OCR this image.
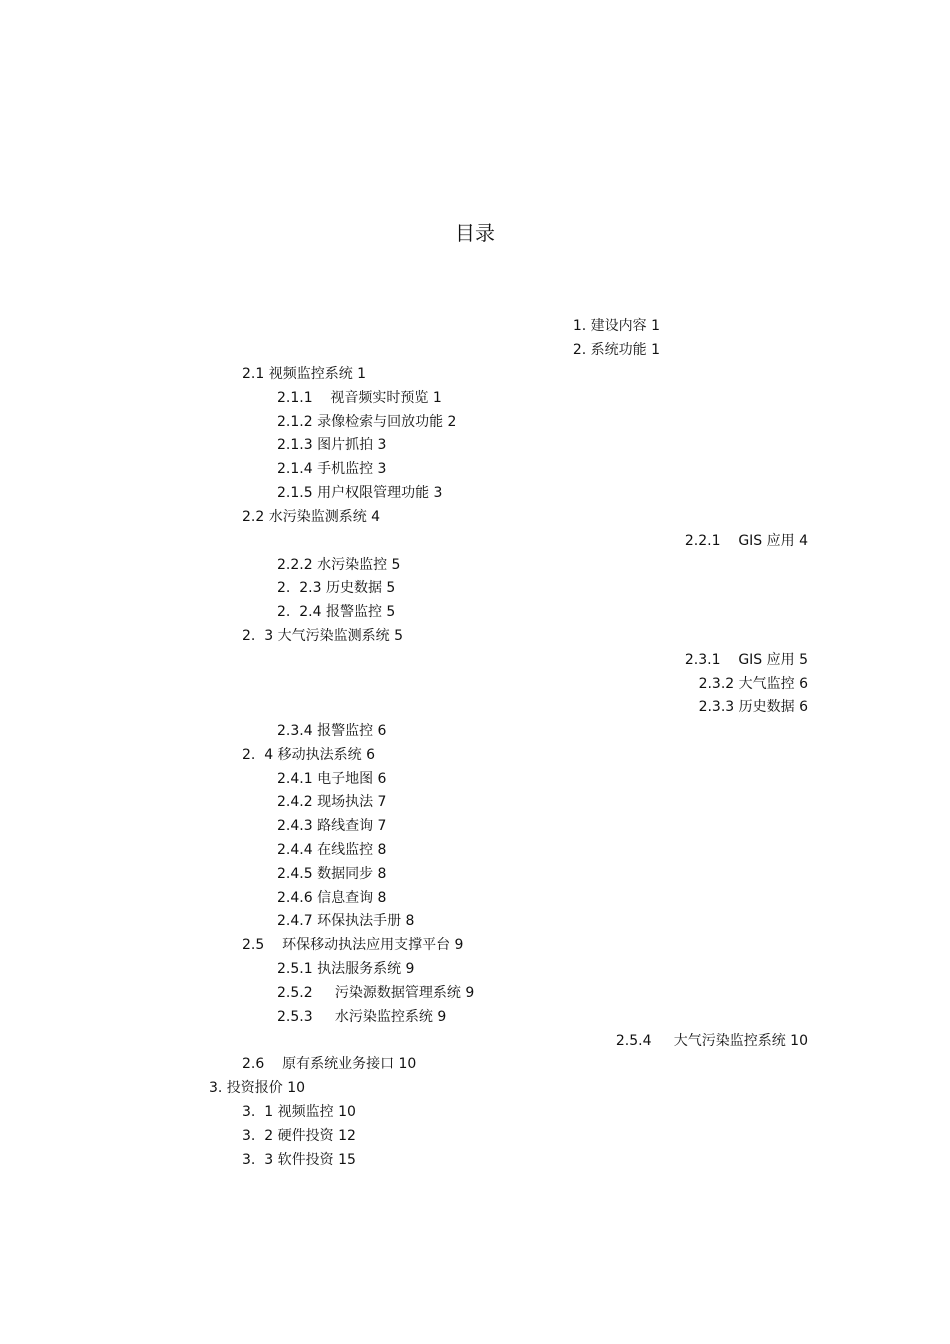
目录
1. 建设内容 1
2. 系统功能 1
2.1 视频监控系统 1
2.1.1    视音频实时预览 1
2.1.2 录像检索与回放功能 2
2.1.3 图片抓拍 3
2.1.4 手机监控 3
2.1.5 用户权限管理功能 3
2.2 水污染监测系统 4
2.2.1    GIS 应用 4
2.2.2 水污染监控 5
2.  2.3 历史数据 5
2.  2.4 报警监控 5
2.  3 大气污染监测系统 5
2.3.1    GIS 应用 5
2.3.2 大气监控 6
2.3.3 历史数据 6
2.3.4 报警监控 6
2.  4 移动执法系统 6
2.4.1 电子地图 6
2.4.2 现场执法 7
2.4.3 路线查询 7
2.4.4 在线监控 8
2.4.5 数据同步 8
2.4.6 信息查询 8
2.4.7 环保执法手册 8
2.5    环保移动执法应用支撑平台 9
2.5.1 执法服务系统 9
2.5.2     污染源数据管理系统 9
2.5.3     水污染监控系统 9
2.5.4     大气污染监控系统 10
2.6    原有系统业务接口 10
3. 投资报价 10
3.  1 视频监控 10
3.  2 硬件投资 12
3.  3 软件投资 15
